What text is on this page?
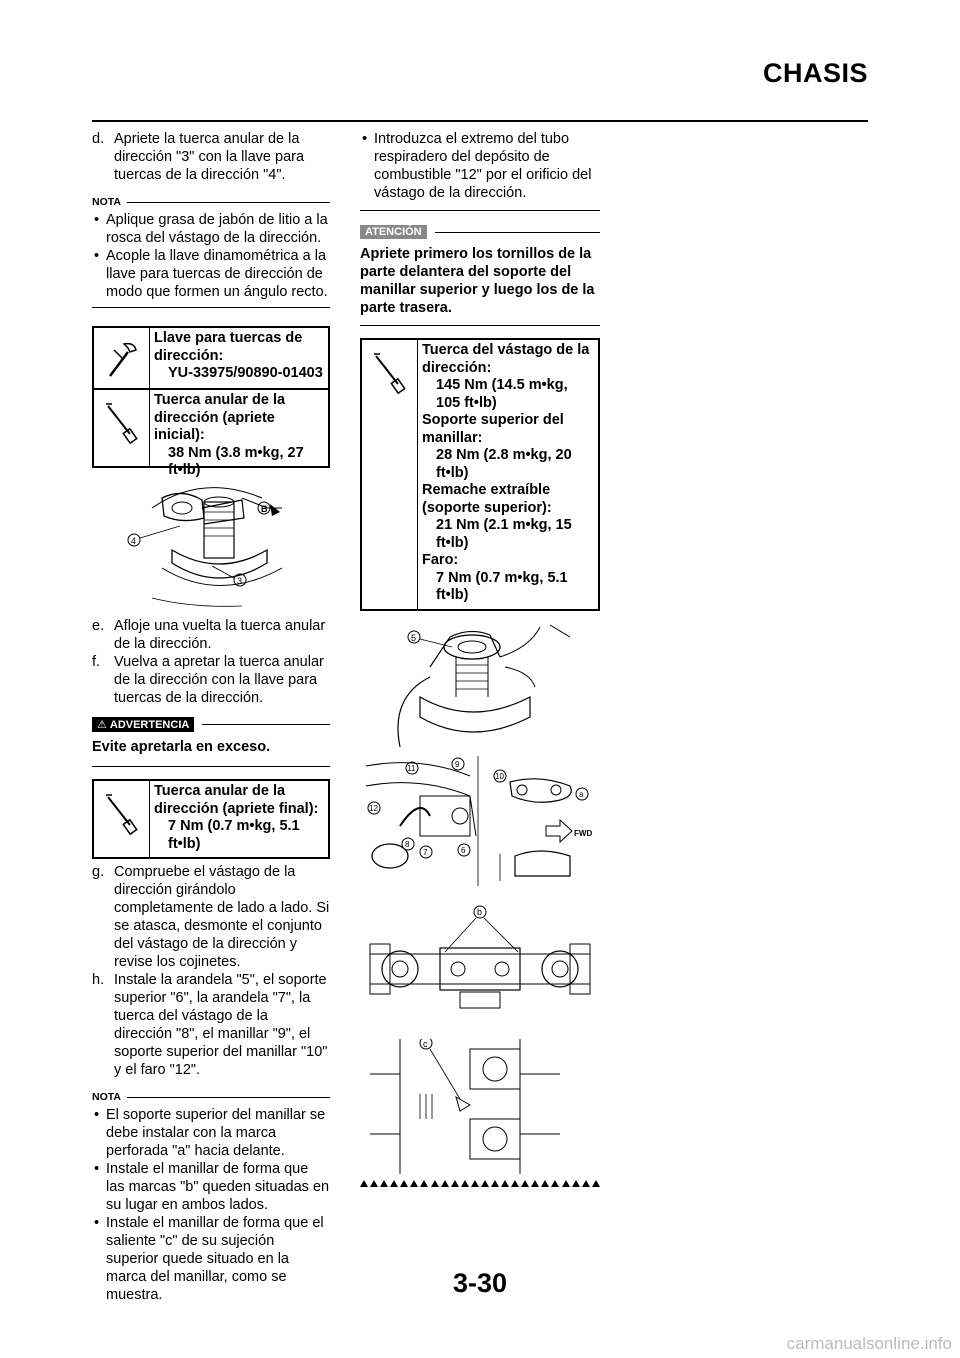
CHASIS
d. Apriete la tuerca anular de la dirección "3" con la llave para tuercas de la dirección "4".
NOTA
• Aplique grasa de jabón de litio a la rosca del vástago de la dirección.
• Acople la llave dinamométrica a la llave para tuercas de dirección de modo que formen un ángulo recto.
Llave para tuercas de dirección:
YU-33975/90890-01403
Tuerca anular de la dirección (apriete inicial):
38 Nm (3.8 m•kg, 27 ft•lb)
B
4
3
e. Afloje una vuelta la tuerca anular de la dirección.
f. Vuelva a apretar la tuerca anular de la dirección con la llave para tuercas de la dirección.
⚠ ADVERTENCIA
Evite apretarla en exceso.
Tuerca anular de la dirección (apriete final):
7 Nm (0.7 m•kg, 5.1 ft•lb)
g. Compruebe el vástago de la dirección girándolo completamente de lado a lado. Si se atasca, desmonte el conjunto del vástago de la dirección y revise los cojinetes.
h. Instale la arandela "5", el soporte superior "6", la arandela "7", la tuerca del vástago de la dirección "8", el manillar "9", el soporte superior del manillar "10" y el faro "12".
NOTA
• El soporte superior del manillar se debe instalar con la marca perforada "a" hacia delante.
• Instale el manillar de forma que las marcas "b" queden situadas en su lugar en ambos lados.
• Instale el manillar de forma que el saliente "c" de su sujeción superior quede situado en la marca del manillar, como se muestra.
• Introduzca el extremo del tubo respiradero del depósito de combustible "12" por el orificio del vástago de la dirección.
ATENCIÓN
Apriete primero los tornillos de la parte delantera del soporte del manillar superior y luego los de la parte trasera.
Tuerca del vástago de la dirección:
145 Nm (14.5 m•kg, 105 ft•lb)
Soporte superior del manillar:
28 Nm (2.8 m•kg, 20 ft•lb)
Remache extraíble (soporte superior):
21 Nm (2.1 m•kg, 15 ft•lb)
Faro:
7 Nm (0.7 m•kg, 5.1 ft•lb)
5
11	9
12
8
7	6
10
a
FWD
b
c
3-30
carmanualsonline.info
